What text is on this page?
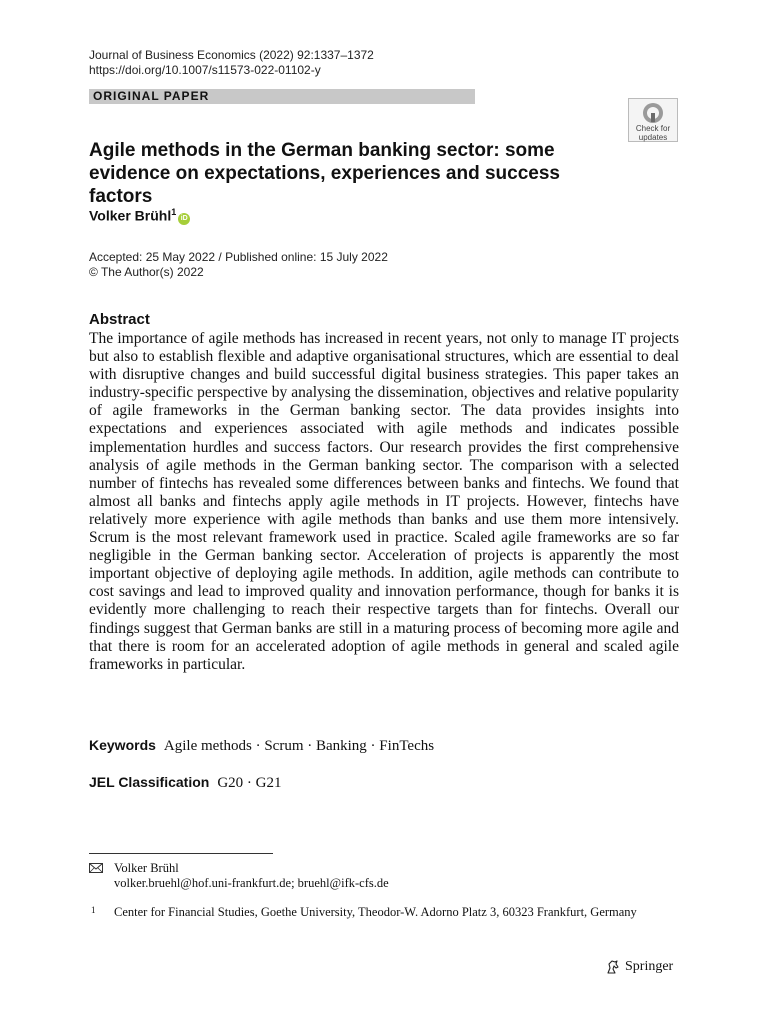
Journal of Business Economics (2022) 92:1337–1372
https://doi.org/10.1007/s11573-022-01102-y
ORIGINAL PAPER
Check for
updates
Agile methods in the German banking sector: some evidence on expectations, experiences and success factors
Volker Brühl$^1$iD
Accepted: 25 May 2022 / Published online: 15 July 2022
© The Author(s) 2022
Abstract
The importance of agile methods has increased in recent years, not only to manage IT projects but also to establish flexible and adaptive organisational structures, which are essential to deal with disruptive changes and build successful digital business strategies. This paper takes an industry-specific perspective by analysing the dissemination, objectives and relative popularity of agile frameworks in the German banking sector. The data provides insights into expectations and experiences associated with agile methods and indicates possible implementation hurdles and success factors. Our research provides the first comprehensive analysis of agile methods in the German banking sector. The comparison with a selected number of fintechs has revealed some differences between banks and fintechs. We found that almost all banks and fintechs apply agile methods in IT projects. However, fintechs have relatively more experience with agile methods than banks and use them more intensively. Scrum is the most relevant framework used in practice. Scaled agile frameworks are so far negligible in the German banking sector. Acceleration of projects is apparently the most important objective of deploying agile methods. In addition, agile methods can contribute to cost savings and lead to improved quality and innovation performance, though for banks it is evidently more challenging to reach their respective targets than for fintechs. Overall our findings suggest that German banks are still in a maturing process of becoming more agile and that there is room for an accelerated adoption of agile methods in general and scaled agile frameworks in particular.
Keywords Agile methods · Scrum · Banking · FinTechs
JEL Classification G20 · G21
Volker Brühl
volker.bruehl@hof.uni-frankfurt.de; bruehl@ifk-cfs.de
1 Center for Financial Studies, Goethe University, Theodor-W. Adorno Platz 3, 60323 Frankfurt, Germany
Springer
